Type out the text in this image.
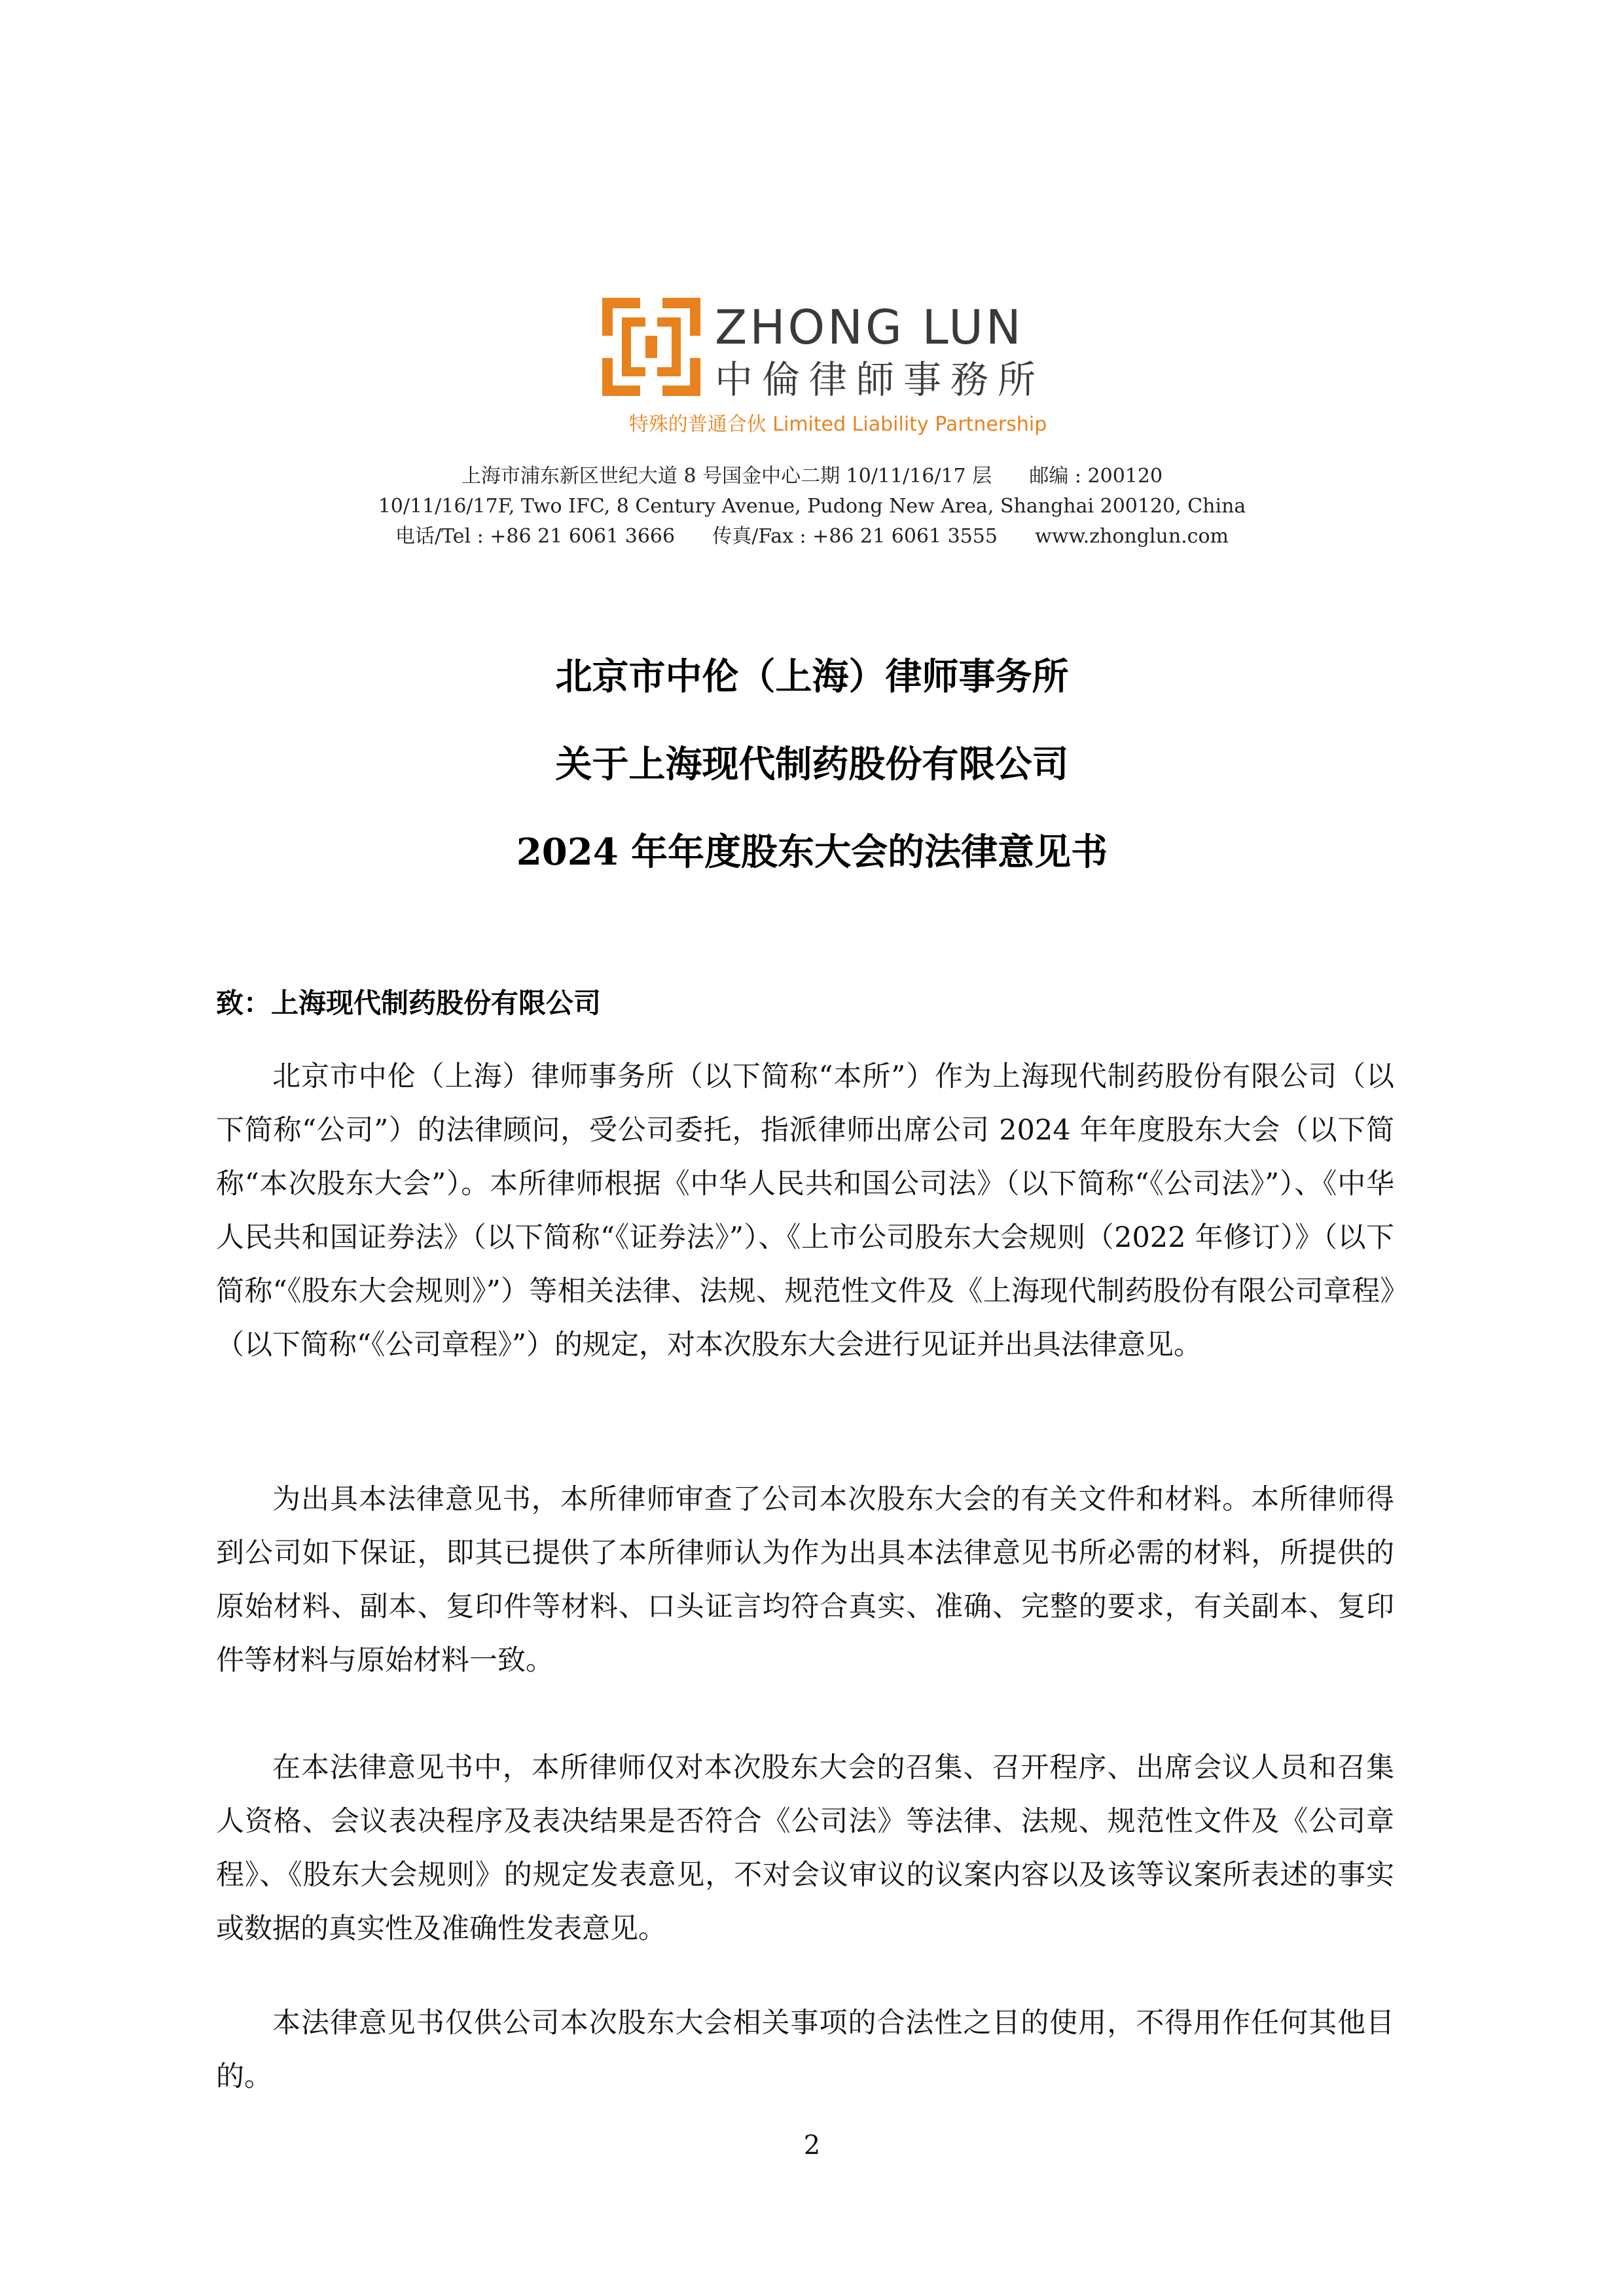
ZHONG LUN
中倫律師事務所
特殊的普通合伙 Limited Liability Partnership
上海市浦东新区世纪大道 8 号国金中心二期 10/11/16/17 层      邮编 : 200120
10/11/16/17F, Two IFC, 8 Century Avenue, Pudong New Area, Shanghai 200120, China
电话/Tel : +86 21 6061 3666      传真/Fax : +86 21 6061 3555      www.zhonglun.com
北京市中伦（上海）律师事务所
关于上海现代制药股份有限公司
2024 年年度股东大会的法律意见书
致：上海现代制药股份有限公司
北京市中伦（上海）律师事务所（以下简称“本所”）作为上海现代制药股份有限公司（以下简称“公司”）的法律顾问，受公司委托，指派律师出席公司 2024 年年度股东大会（以下简称“本次股东大会”）。本所律师根据《中华人民共和国公司法》（以下简称“《公司法》”）、《中华人民共和国证券法》（以下简称“《证券法》”）、《上市公司股东大会规则（2022 年修订）》（以下简称“《股东大会规则》”）等相关法律、法规、规范性文件及《上海现代制药股份有限公司章程》（以下简称“《公司章程》”）的规定，对本次股东大会进行见证并出具法律意见。
为出具本法律意见书，本所律师审查了公司本次股东大会的有关文件和材料。本所律师得到公司如下保证，即其已提供了本所律师认为作为出具本法律意见书所必需的材料，所提供的原始材料、副本、复印件等材料、口头证言均符合真实、准确、完整的要求，有关副本、复印件等材料与原始材料一致。
在本法律意见书中，本所律师仅对本次股东大会的召集、召开程序、出席会议人员和召集人资格、会议表决程序及表决结果是否符合《公司法》等法律、法规、规范性文件及《公司章程》、《股东大会规则》的规定发表意见，不对会议审议的议案内容以及该等议案所表述的事实或数据的真实性及准确性发表意见。
本法律意见书仅供公司本次股东大会相关事项的合法性之目的使用，不得用作任何其他目的。
2
